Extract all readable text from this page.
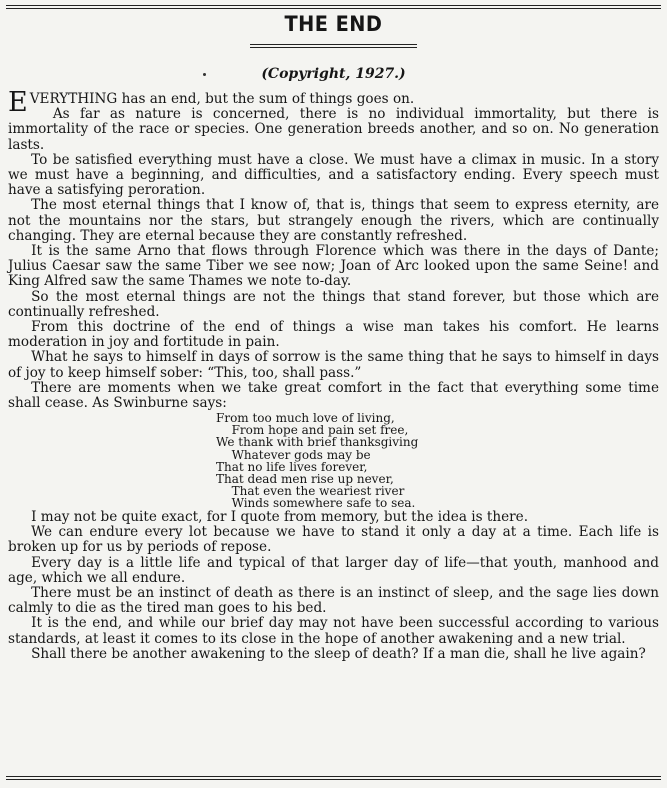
THE END
(Copyright, 1927.)

EVERYTHING has an end, but the sum of things goes on.

As far as nature is concerned, there is no individual immortality, but there is immortality of the race or species. One generation breeds another, and so on. No generation lasts.

To be satisfied everything must have a close. We must have a climax in music. In a story we must have a beginning, and difficulties, and a satisfactory ending. Every speech must have a satisfying peroration.

The most eternal things that I know of, that is, things that seem to express eternity, are not the mountains nor the stars, but strangely enough the rivers, which are continually changing. They are eternal because they are constantly refreshed.

It is the same Arno that flows through Florence which was there in the days of Dante; Julius Caesar saw the same Tiber we see now; Joan of Arc looked upon the same Seine! and King Alfred saw the same Thames we note to-day.

So the most eternal things are not the things that stand forever, but those which are continually refreshed.

From this doctrine of the end of things a wise man takes his comfort. He learns moderation in joy and fortitude in pain.

What he says to himself in days of sorrow is the same thing that he says to himself in days of joy to keep himself sober: “This, too, shall pass.”

There are moments when we take great comfort in the fact that everything some time shall cease. As Swinburne says:

From too much love of living,
From hope and pain set free,
We thank with brief thanksgiving
Whatever gods may be
That no life lives forever,
That dead men rise up never,
That even the weariest river
Winds somewhere safe to sea.

I may not be quite exact, for I quote from memory, but the idea is there.

We can endure every lot because we have to stand it only a day at a time. Each life is broken up for us by periods of repose.

Every day is a little life and typical of that larger day of life—that youth, manhood and age, which we all endure.

There must be an instinct of death as there is an instinct of sleep, and the sage lies down calmly to die as the tired man goes to his bed.

It is the end, and while our brief day may not have been successful according to various standards, at least it comes to its close in the hope of another awakening and a new trial.

Shall there be another awakening to the sleep of death? If a man die, shall he live again?
